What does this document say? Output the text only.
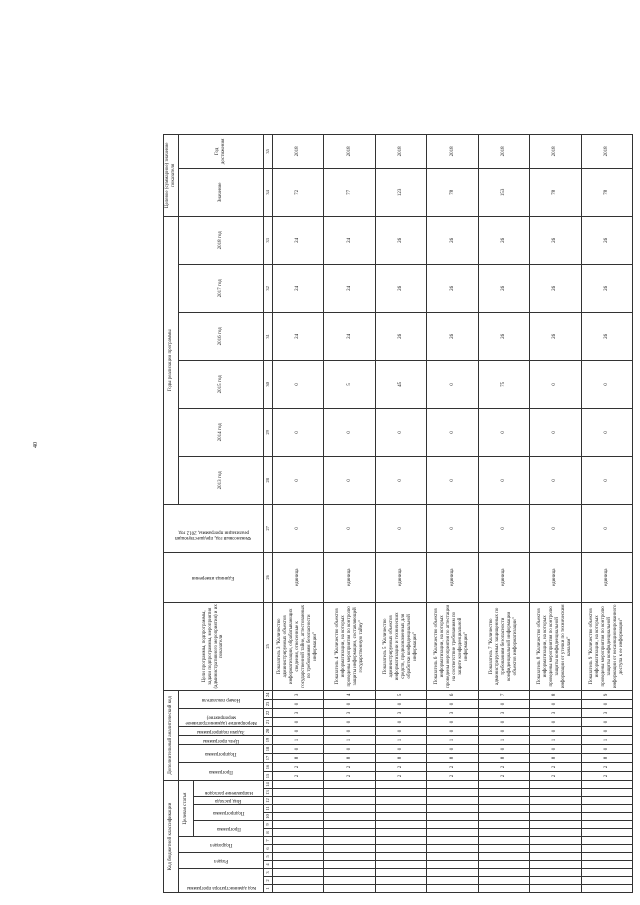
40
Код бюджетной классификации														Дополнительный аналитический код										Цели программы, подпрограммы, задачи подпрограммы, мероприятия (административного мероприятия) и их показатели	Единица измерения	Финансовый год, предшествующий реализации программы, 2012 год	Годы реализации программы						Целевое (суммарное) значение показателя	

Код администратора программы			Раздел		Подраздел		Целевая статья							Программа		Подпрограмма		Цель программы	Задачи подпрограммы	Мероприятие (административное мероприятие)		Номер показателя					2013 год	2014 год	2015 год	2016 год	2017 год	2018 год	Значение	Год достижения

							Программа		Подпрограмма		Вид расхода	Направление расходов																						

1	2	3	4	5	6	7	8	9	10	11	12	13	14	15	16	17	18	19	20	21	22	23	24	25	26	27	28	29	30	31	32	33	34	35
														2	2	8	0	1	0	0	3	0	3	Показатель 3 "Количество администрируемых объектов информатизации, обрабатывающих сведения, отнесенные к государственной тайне, аттестованных по требованиям безопасности информации"	единица	0	0	0	0	24	24	24	72	2018
														2	2	8	0	1	0	0	3	0	4	Показатель 4 "Количество объектов информатизации, на которых проведены мероприятия по контролю защиты информации, составляющей государственную тайну"	единица	0	0	0	5	24	24	24	77	2018
														2	2	8	0	1	0	0	3	0	5	Показатель 5 "Количество администрируемых объектов информатизации и технических средств, предназначенных для обработки конфиденциальной информации"	единица	0	0	0	45	26	26	26	123	2018
														2	2	8	0	1	0	0	3	0	6	Показатель 6 "Количество объектов информатизации, на которых проведены мероприятия по аттестации на соответствие требованиям по защите конфиденциальной информации"	единица	0	0	0	0	26	26	26	78	2018
														2	2	8	0	1	0	0	3	0	7	Показатель 7 "Количество администрируемых защищенных по требованиям безопасности конфиденциальной информации объектов информатизации"	единица	0	0	0	75	26	26	26	153	2018
														2	2	8	0	1	0	0	3	0	8	Показатель 8 "Количество объектов информатизации, на которых проведены мероприятия по контролю защиты конфиденциальной информации от утечки по техническим каналам"	единица	0	0	0	0	26	26	26	78	2018
														2	2	8	0	1	0	0	3	0	9	Показатель 9 "Количество объектов информатизации, на которых проведены мероприятия по контролю защиты конфиденциальной информации от несанкционированного доступа к ее информации"	единица	0	0	0	0	26	26	26	78	2018
